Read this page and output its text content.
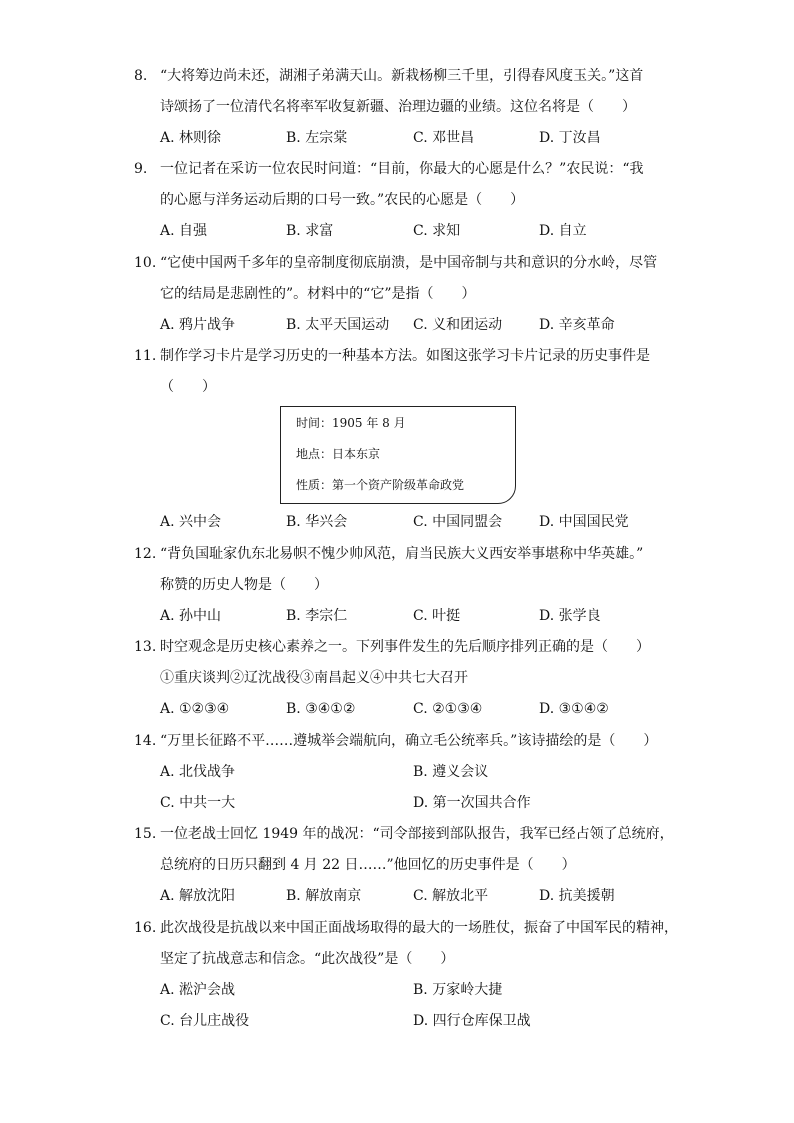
8. “大将筹边尚未还，湖湘子弟满天山。新栽杨柳三千里，引得春风度玉关。”这首
诗颂扬了一位清代名将率军收复新疆、治理边疆的业绩。这位名将是（　　）
A. 林则徐	B. 左宗棠	C. 邓世昌	D. 丁汝昌
9. 一位记者在采访一位农民时问道：“目前，你最大的心愿是什么？”农民说：“我
的心愿与洋务运动后期的口号一致。”农民的心愿是（　　）
A. 自强	B. 求富	C. 求知	D. 自立
10. “它使中国两千多年的皇帝制度彻底崩溃，是中国帝制与共和意识的分水岭，尽管
它的结局是悲剧性的”。材料中的“它”是指（　　）
A. 鸦片战争	B. 太平天国运动 C. 义和团运动	D. 辛亥革命
11. 制作学习卡片是学习历史的一种基本方法。如图这张学习卡片记录的历史事件是
（　　）
时间：1905 年 8 月
地点：日本东京
性质：第一个资产阶级革命政党
A. 兴中会	B. 华兴会	C. 中国同盟会	D. 中国国民党
12. “背负国耻家仇东北易帜不愧少帅风范，肩当民族大义西安举事堪称中华英雄。”
称赞的历史人物是（　　）
A. 孙中山	B. 李宗仁	C. 叶挺	D. 张学良
13. 时空观念是历史核心素养之一。下列事件发生的先后顺序排列正确的是（　　）
①重庆谈判②辽沈战役③南昌起义④中共七大召开
A. ①②③④	B. ③④①②	C. ②①③④	D. ③①④②
14. “万里长征路不平……遵城举会端航向，确立毛公统率兵。”该诗描绘的是（　　）
A. 北伐战争	B. 遵义会议
C. 中共一大	D. 第一次国共合作
15. 一位老战士回忆 1949 年的战况：“司令部接到部队报告，我军已经占领了总统府，
总统府的日历只翻到 4 月 22 日……”他回忆的历史事件是（　　）
A. 解放沈阳	B. 解放南京	C. 解放北平	D. 抗美援朝
16. 此次战役是抗战以来中国正面战场取得的最大的一场胜仗，振奋了中国军民的精神，
坚定了抗战意志和信念。“此次战役”是（　　）
A. 淞沪会战	B. 万家岭大捷
C. 台儿庄战役	D. 四行仓库保卫战
